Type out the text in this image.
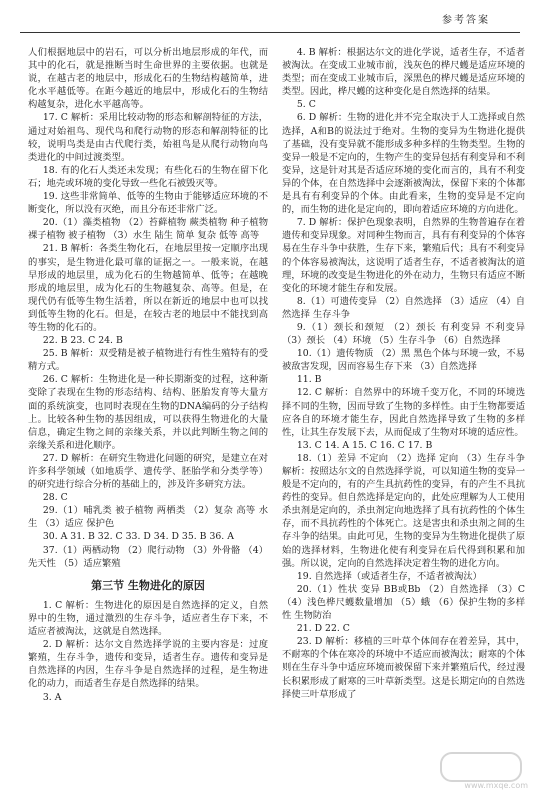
参考答案

人们根据地层中的岩石，可以分析出地层形成的年代，而其中的化石，就是推断当时生命世界的主要依据。也就是说，在越古老的地层中，形成化石的生物结构越简单，进化水平越低等。在距今越近的地层中，形成化石的生物结构越复杂，进化水平越高等。

17. C 解析：采用比较动物的形态和解剖特征的方法，通过对始祖鸟、现代鸟和爬行动物的形态和解剖特征的比较，说明鸟类是由古代爬行类，始祖鸟是从爬行动物向鸟类进化的中间过渡类型。

18. 有的化石人类还未发现；有些化石的生物在留下化石；地壳或环境的变化导致一些化石被毁灭等。

19. 这些非常简单、低等的生物由于能够适应环境的不断变化，所以没有灭绝，而且分布还非常广泛。

20.（1）藻类植物 （2）苔藓植物 蕨类植物 种子植物 裸子植物 被子植物 （3）水生 陆生 简单 复杂 低等 高等

21. B 解析：各类生物化石，在地层里按一定顺序出现的事实，是生物进化最可靠的证据之一。一般来说，在越早形成的地层里，成为化石的生物越简单、低等；在越晚形成的地层里，成为化石的生物越复杂、高等。但是，在现代仍有低等生物生活着，所以在新近的地层中也可以找到低等生物的化石。但是，在较古老的地层中不能找到高等生物的化石的。

22. B 23. C 24. B

25. B 解析：双受精是被子植物进行有性生殖特有的受精方式。

26. C 解析：生物进化是一种长期渐变的过程，这种渐变除了表现在生物的形态结构、结构、胚胎发育等大量方面的系统演变，也同时表现在生物的DNA编码的分子结构上。比较各种生物的基因组成，可以获得生物进化的大量信息，确定生物之间的亲缘关系，并以此判断生物之间的亲缘关系和进化顺序。

27. D 解析：在研究生物进化问题的研究，是建立在对许多科学领域（如地质学、遗传学、胚胎学和分类学等）的研究进行综合分析的基础上的，涉及许多研究方法。

28. C

29.（1）哺乳类 被子植物 两栖类 （2）复杂 高等 水生 （3）适应 保护色

30. A 31. B 32. C 33. D 34. D 35. B 36. A

37.（1）两栖动物 （2）爬行动物 （3）外骨骼 （4）先天性 （5）适应繁殖

第三节 生物进化的原因

1. C 解析：生物进化的原因是自然选择的定义，自然界中的生物，通过激烈的生存斗争，适应者生存下来，不适应者被淘汰，这就是自然选择。

2. D 解析：达尔文自然选择学说的主要内容是：过度繁殖，生存斗争，遗传和变异，适者生存。遗传和变异是自然选择的内因，生存斗争是自然选择的过程，是生物进化的动力，而适者生存是自然选择的结果。

3. A

4. B 解析：根据达尔文的进化学说，适者生存，不适者被淘汰。在变成工业城市前，浅灰色的桦尺蠖是适应环境的类型；而在变成工业城市后，深黑色的桦尺蠖是适应环境的类型。因此，桦尺蠖的这种变化是自然选择的结果。

5. C

6. D 解析：生物的进化并不完全取决于人工选择或自然选择，A和B的说法过于绝对。生物的变异为生物进化提供了基础，没有变异就不能形成多种多样的生物类型。生物的变异一般是不定向的，生物产生的变异包括有利变异和不利变异，这是针对其是否适应环境的变化而言的，具有不利变异的个体，在自然选择中会逐渐被淘汰，保留下来的个体都是具有有利变异的个体。由此看来，生物的变异是不定向的，而生物的进化是定向的，即向着适应环境的方向进化。

7. D 解析：保护色现象表明，自然界的生物普遍存在着遗传和变异现象。对同种生物而言，具有有利变异的个体容易在生存斗争中获胜，生存下来，繁殖后代；具有不利变异的个体容易被淘汰，这说明了适者生存，不适者被淘汰的道理，环境的改变是生物进化的外在动力，生物只有适应不断变化的环境才能生存和发展。

8.（1）可遗传变异 （2）自然选择 （3）适应 （4）自然选择 生存斗争

9.（1）颈长和颈短 （2）颈长 有利变异 不利变异 （3）颈长 （4）环境 （5）生存斗争 （6）自然选择

10.（1）遗传物质 （2）黑 黑色个体与环境一致，不易被敌害发现，因而容易生存下来 （3）自然选择

11. B

12. C 解析：自然界中的环境千变万化，不同的环境选择不同的生物，因而导致了生物的多样性。由于生物都要适应各自的环境才能生存，因此自然选择导致了生物的多样性，让其生存发展下去，从而促成了生物对环境的适应性。

13. C 14. A 15. C 16. C 17. B

18.（1）差异 不定向 （2）选择 定向 （3）生存斗争 解析：按照达尔文的自然选择学说，可以知道生物的变异一般是不定向的，有的产生具抗药性的变异，有的产生不具抗药性的变异。但自然选择是定向的，此处应理解为人工使用杀虫剂是定向的，杀虫剂定向地选择了具有抗药性的个体生存，而不具抗药性的个体死亡。这是害虫和杀虫剂之间的生存斗争的结果。由此可见，生物的变异为生物进化提供了原始的选择材料，生物进化使有利变异在后代得到积累和加强。所以说，定向的自然选择决定着生物的进化方向。

19. 自然选择（或适者生存，不适者被淘汰）

20.（1）性状 变异 BB或Bb （2）自然选择 （3）C （4）浅色桦尺蠖数量增加 （5）蛾 （6）保护生物的多样性 生物防治

21. D 22. C

23. D 解析：移植的三叶草个体间存在着差异，其中，不耐寒的个体在寒冷的环境中不适应而被淘汰；耐寒的个体则在生存斗争中适应环境而被保留下来并繁殖后代，经过漫长积累形成了耐寒的三叶草新类型。这是长期定向的自然选择使三叶草形成了

www.mxqe.com
